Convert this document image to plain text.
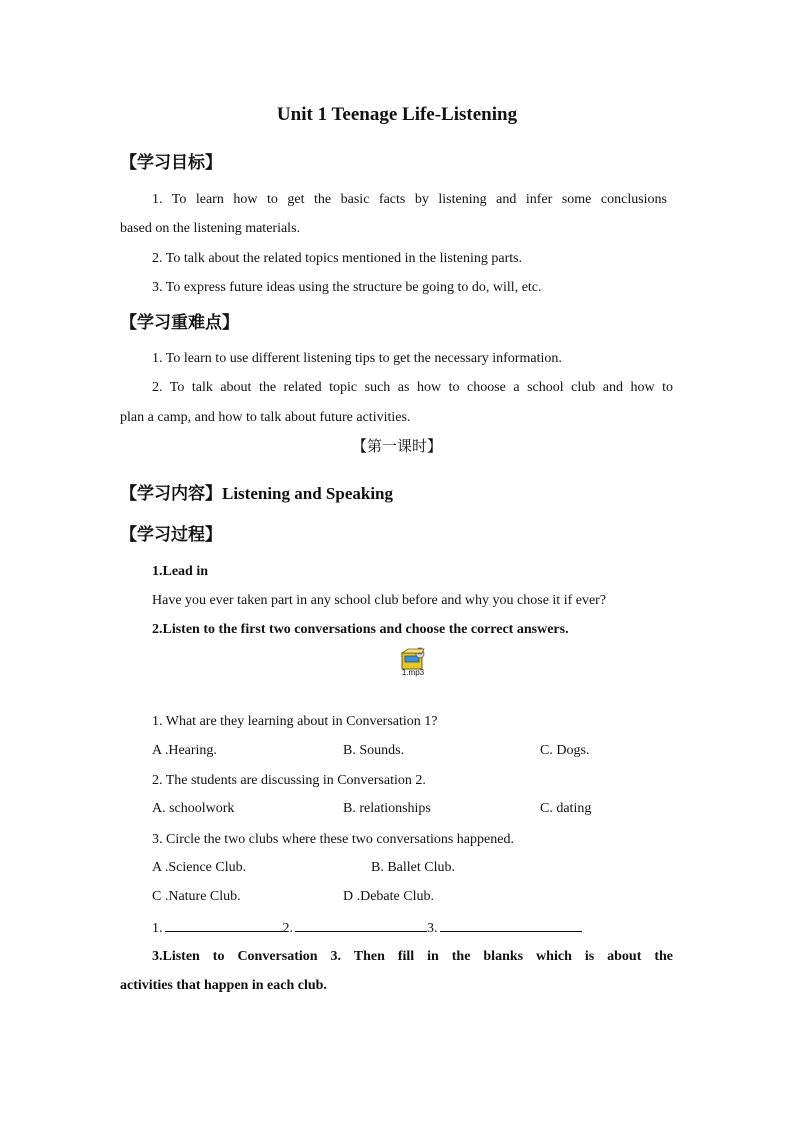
Unit 1 Teenage Life-Listening
【学习目标】
1. To learn how to get the basic facts by listening and infer some conclusions
based on the listening materials.
2. To talk about the related topics mentioned in the listening parts.
3. To express future ideas using the structure be going to do, will, etc.
【学习重难点】
1. To learn to use different listening tips to get the necessary information.
2. To talk about the related topic such as how to choose a school club and how to
plan a camp, and how to talk about future activities.
【第一课时】
【学习内容】Listening and Speaking
【学习过程】
1.Lead in
Have you ever taken part in any school club before and why you chose it if ever?
2.Listen to the first two conversations and choose the correct answers.
1.mp3
1. What are they learning about in Conversation 1?
A .Hearing.	B. Sounds.	C. Dogs.
2. The students are discussing in Conversation 2.
A. schoolwork	B. relationships	C. dating
3. Circle the two clubs where these two conversations happened.
A .Science Club.	B. Ballet Club.
C .Nature Club.	D .Debate Club.
1.	2.	3.
3.Listen to Conversation 3. Then fill in the blanks which is about the
activities that happen in each club.
